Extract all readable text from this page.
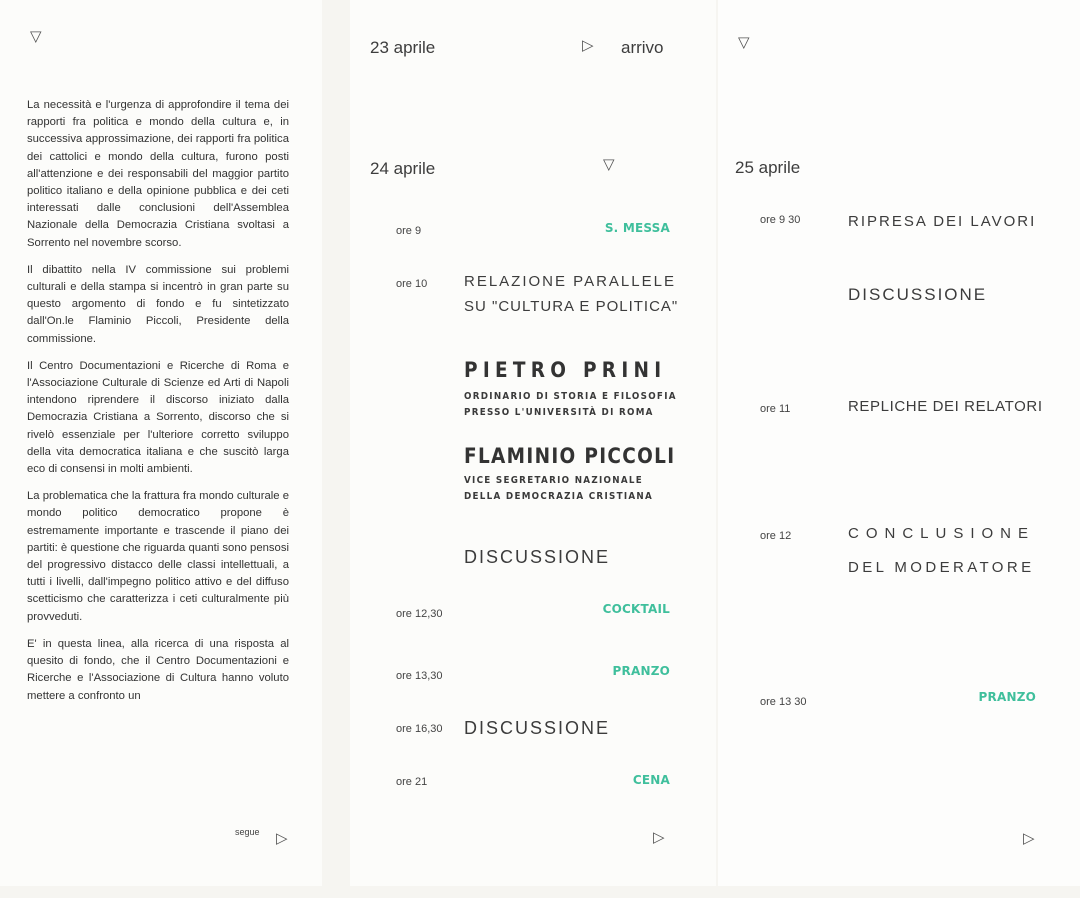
▽

La necessità e l'urgenza di approfondire il tema dei rapporti fra politica e mondo della cultura e, in successiva approssimazione, dei rapporti fra politica dei cattolici e mondo della cultura, furono posti all'attenzione e dei responsabili del maggior partito politico italiano e della opinione pubblica e dei ceti interessati dalle conclusioni dell'Assemblea Nazionale della Democrazia Cristiana svoltasi a Sorrento nel novembre scorso.

Il dibattito nella IV commissione sui problemi culturali e della stampa si incentrò in gran parte su questo argomento di fondo e fu sintetizzato dall'On.le Flaminio Piccoli, Presidente della commissione.

Il Centro Documentazioni e Ricerche di Roma e l'Associazione Culturale di Scienze ed Arti di Napoli intendono riprendere il discorso iniziato dalla Democrazia Cristiana a Sorrento, discorso che si rivelò essenziale per l'ulteriore corretto sviluppo della vita democratica italiana e che suscitò larga eco di consensi in molti ambienti.

La problematica che la frattura fra mondo culturale e mondo politico democratico propone è estremamente importante e trascende il piano dei partiti: è questione che riguarda quanti sono pensosi del progressivo distacco delle classi intellettuali, a tutti i livelli, dall'impegno politico attivo e del diffuso scetticismo che caratterizza i ceti culturalmente più provveduti.

E' in questa linea, alla ricerca di una risposta al quesito di fondo, che il Centro Documentazioni e Ricerche e l'Associazione di Cultura hanno voluto mettere a confronto un

segue ▷
23 aprile	▷ arrivo
24 aprile	▽
ore 9	S. MESSA
ore 10 RELAZIONE PARALLELE
SU "CULTURA E POLITICA"
PIETRO PRINI
ORDINARIO DI STORIA E FILOSOFIA
PRESSO L'UNIVERSITÀ DI ROMA
FLAMINIO PICCOLI
VICE SEGRETARIO NAZIONALE
DELLA DEMOCRAZIA CRISTIANA
DISCUSSIONE
ore 12,30	COCKTAIL
ore 13,30	PRANZO
ore 16,30 DISCUSSIONE
ore 21	CENA
▷
▽
25 aprile
ore 9 30	RIPRESA DEI LAVORI
DISCUSSIONE
ore 11	REPLICHE DEI RELATORI
ore 12	CONCLUSIONE
DEL MODERATORE
ore 13 30	PRANZO
▷
